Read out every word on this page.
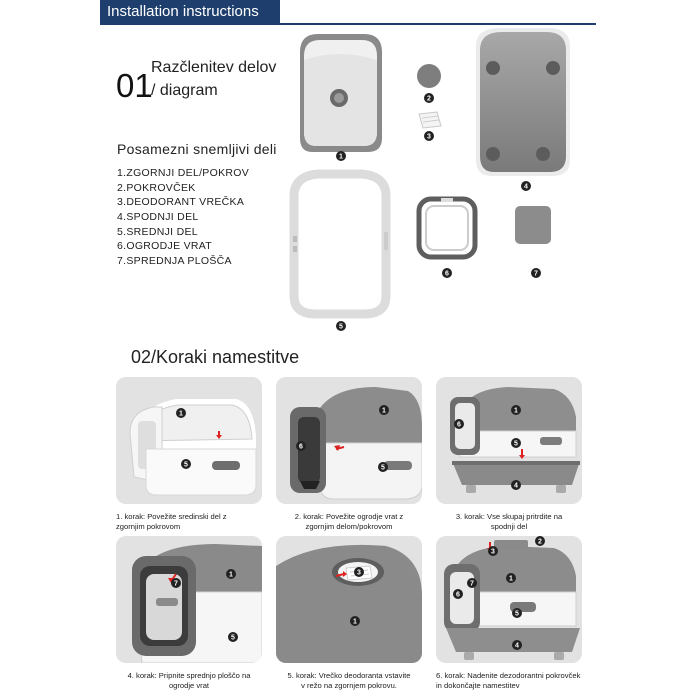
Installation instructions
01
Razčlenitev delov
/ diagram
Posamezni snemljivi deli
1.ZGORNJI DEL/POKROV
2.POKROVČEK
3.DEODORANT VREČKA
4.SPODNJI DEL
5.SREDNJI DEL
6.OGRODJE VRAT
7.SPREDNJA PLOŠČA
1
2
3
4
5
6	7
02/Koraki namestitve
1
5
1. korak: Povežite sredinski del z
zgornjim pokrovom
1
6
5
2. korak: Povežite ogrodje vrat z
zgornjim delom/pokrovom
1
6
5
4
3. korak: Vse skupaj pritrdite na
spodnji del
1
7
5
4. korak: Pripnite sprednjo ploščo na
ogrodje vrat
3
1
5. korak: Vrečko deodoranta vstavite
v režo na zgornjem pokrovu.
2
3
1
7
6
5
4
6. korak: Nadenite dezodorantni pokrovček
in dokončajte namestitev
